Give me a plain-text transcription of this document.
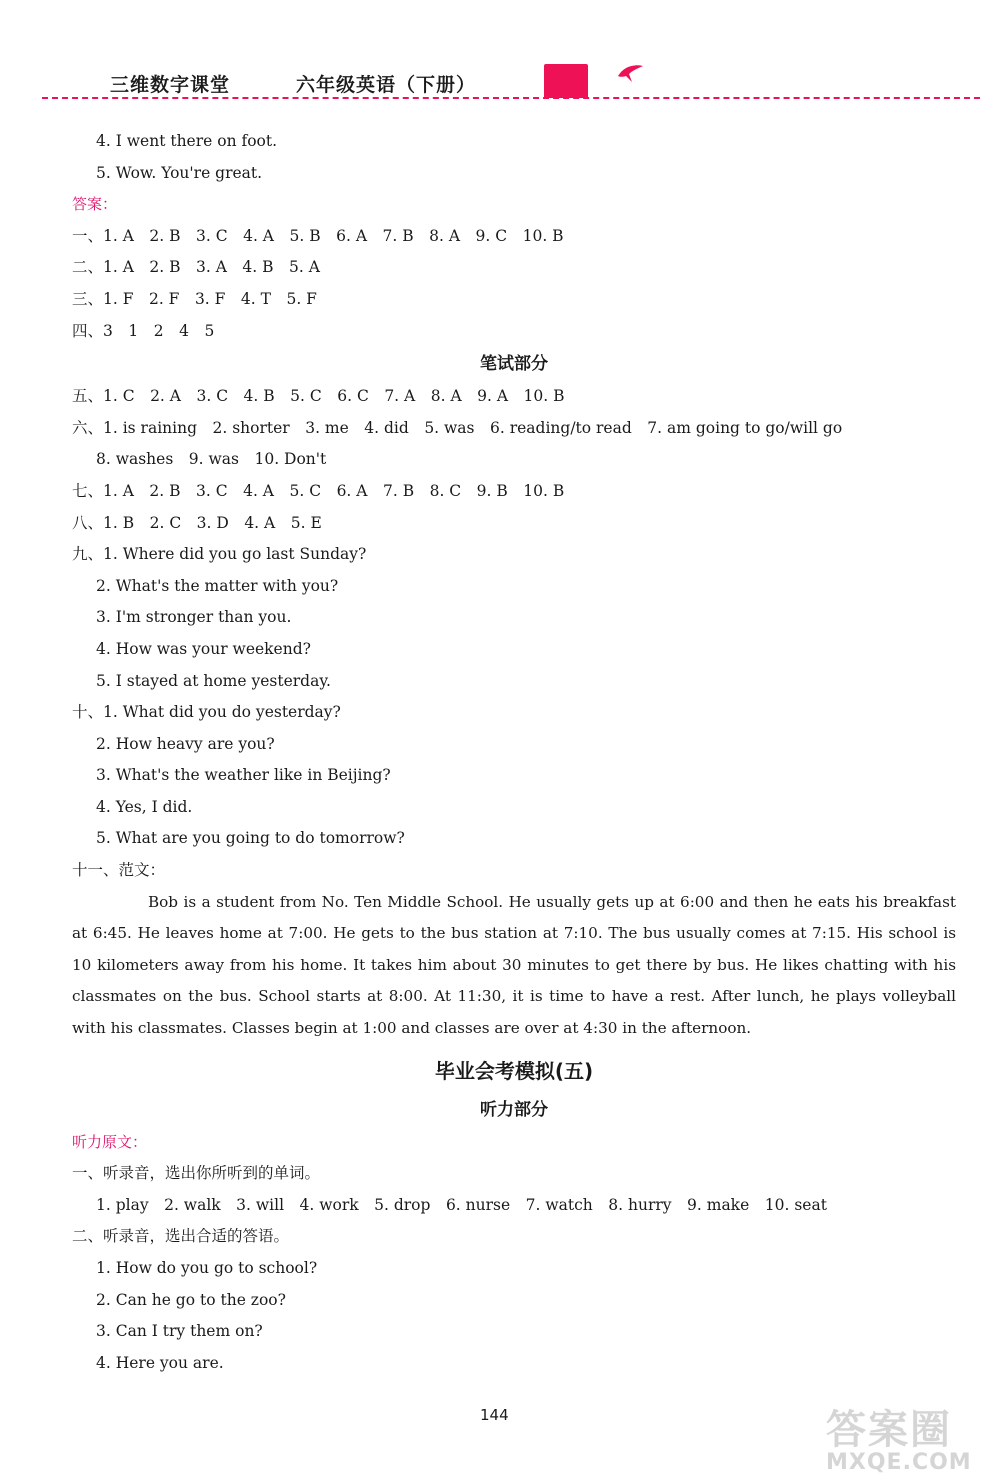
三维数字课堂	六年级英语（下册）
4. I went there on foot.
5. Wow. You're great.
答案：
一、1. A　2. B　3. C　4. A　5. B　6. A　7. B　8. A　9. C　10. B
二、1. A　2. B　3. A　4. B　5. A
三、1. F　2. F　3. F　4. T　5. F
四、3　1　2　4　5
笔试部分
五、1. C　2. A　3. C　4. B　5. C　6. C　7. A　8. A　9. A　10. B
六、1. is raining　2. shorter　3. me　4. did　5. was　6. reading/to read　7. am going to go/will go
8. washes　9. was　10. Don't
七、1. A　2. B　3. C　4. A　5. C　6. A　7. B　8. C　9. B　10. B
八、1. B　2. C　3. D　4. A　5. E
九、1. Where did you go last Sunday?
2. What's the matter with you?
3. I'm stronger than you.
4. How was your weekend?
5. I stayed at home yesterday.
十、1. What did you do yesterday?
2. How heavy are you?
3. What's the weather like in Beijing?
4. Yes, I did.
5. What are you going to do tomorrow?
十一、范文：
Bob is a student from No. Ten Middle School. He usually gets up at 6:00 and then he eats his breakfast at 6:45. He leaves home at 7:00. He gets to the bus station at 7:10. The bus usually comes at 7:15. His school is 10 kilometers away from his home. It takes him about 30 minutes to get there by bus. He likes chatting with his classmates on the bus. School starts at 8:00. At 11:30, it is time to have a rest. After lunch, he plays volleyball with his classmates. Classes begin at 1:00 and classes are over at 4:30 in the afternoon.
毕业会考模拟(五)
听力部分
听力原文：
一、听录音，选出你所听到的单词。
1. play　2. walk　3. will　4. work　5. drop　6. nurse　7. watch　8. hurry　9. make　10. seat
二、听录音，选出合适的答语。
1. How do you go to school?
2. Can he go to the zoo?
3. Can I try them on?
4. Here you are.
144	答案圈
MXQE.COM
